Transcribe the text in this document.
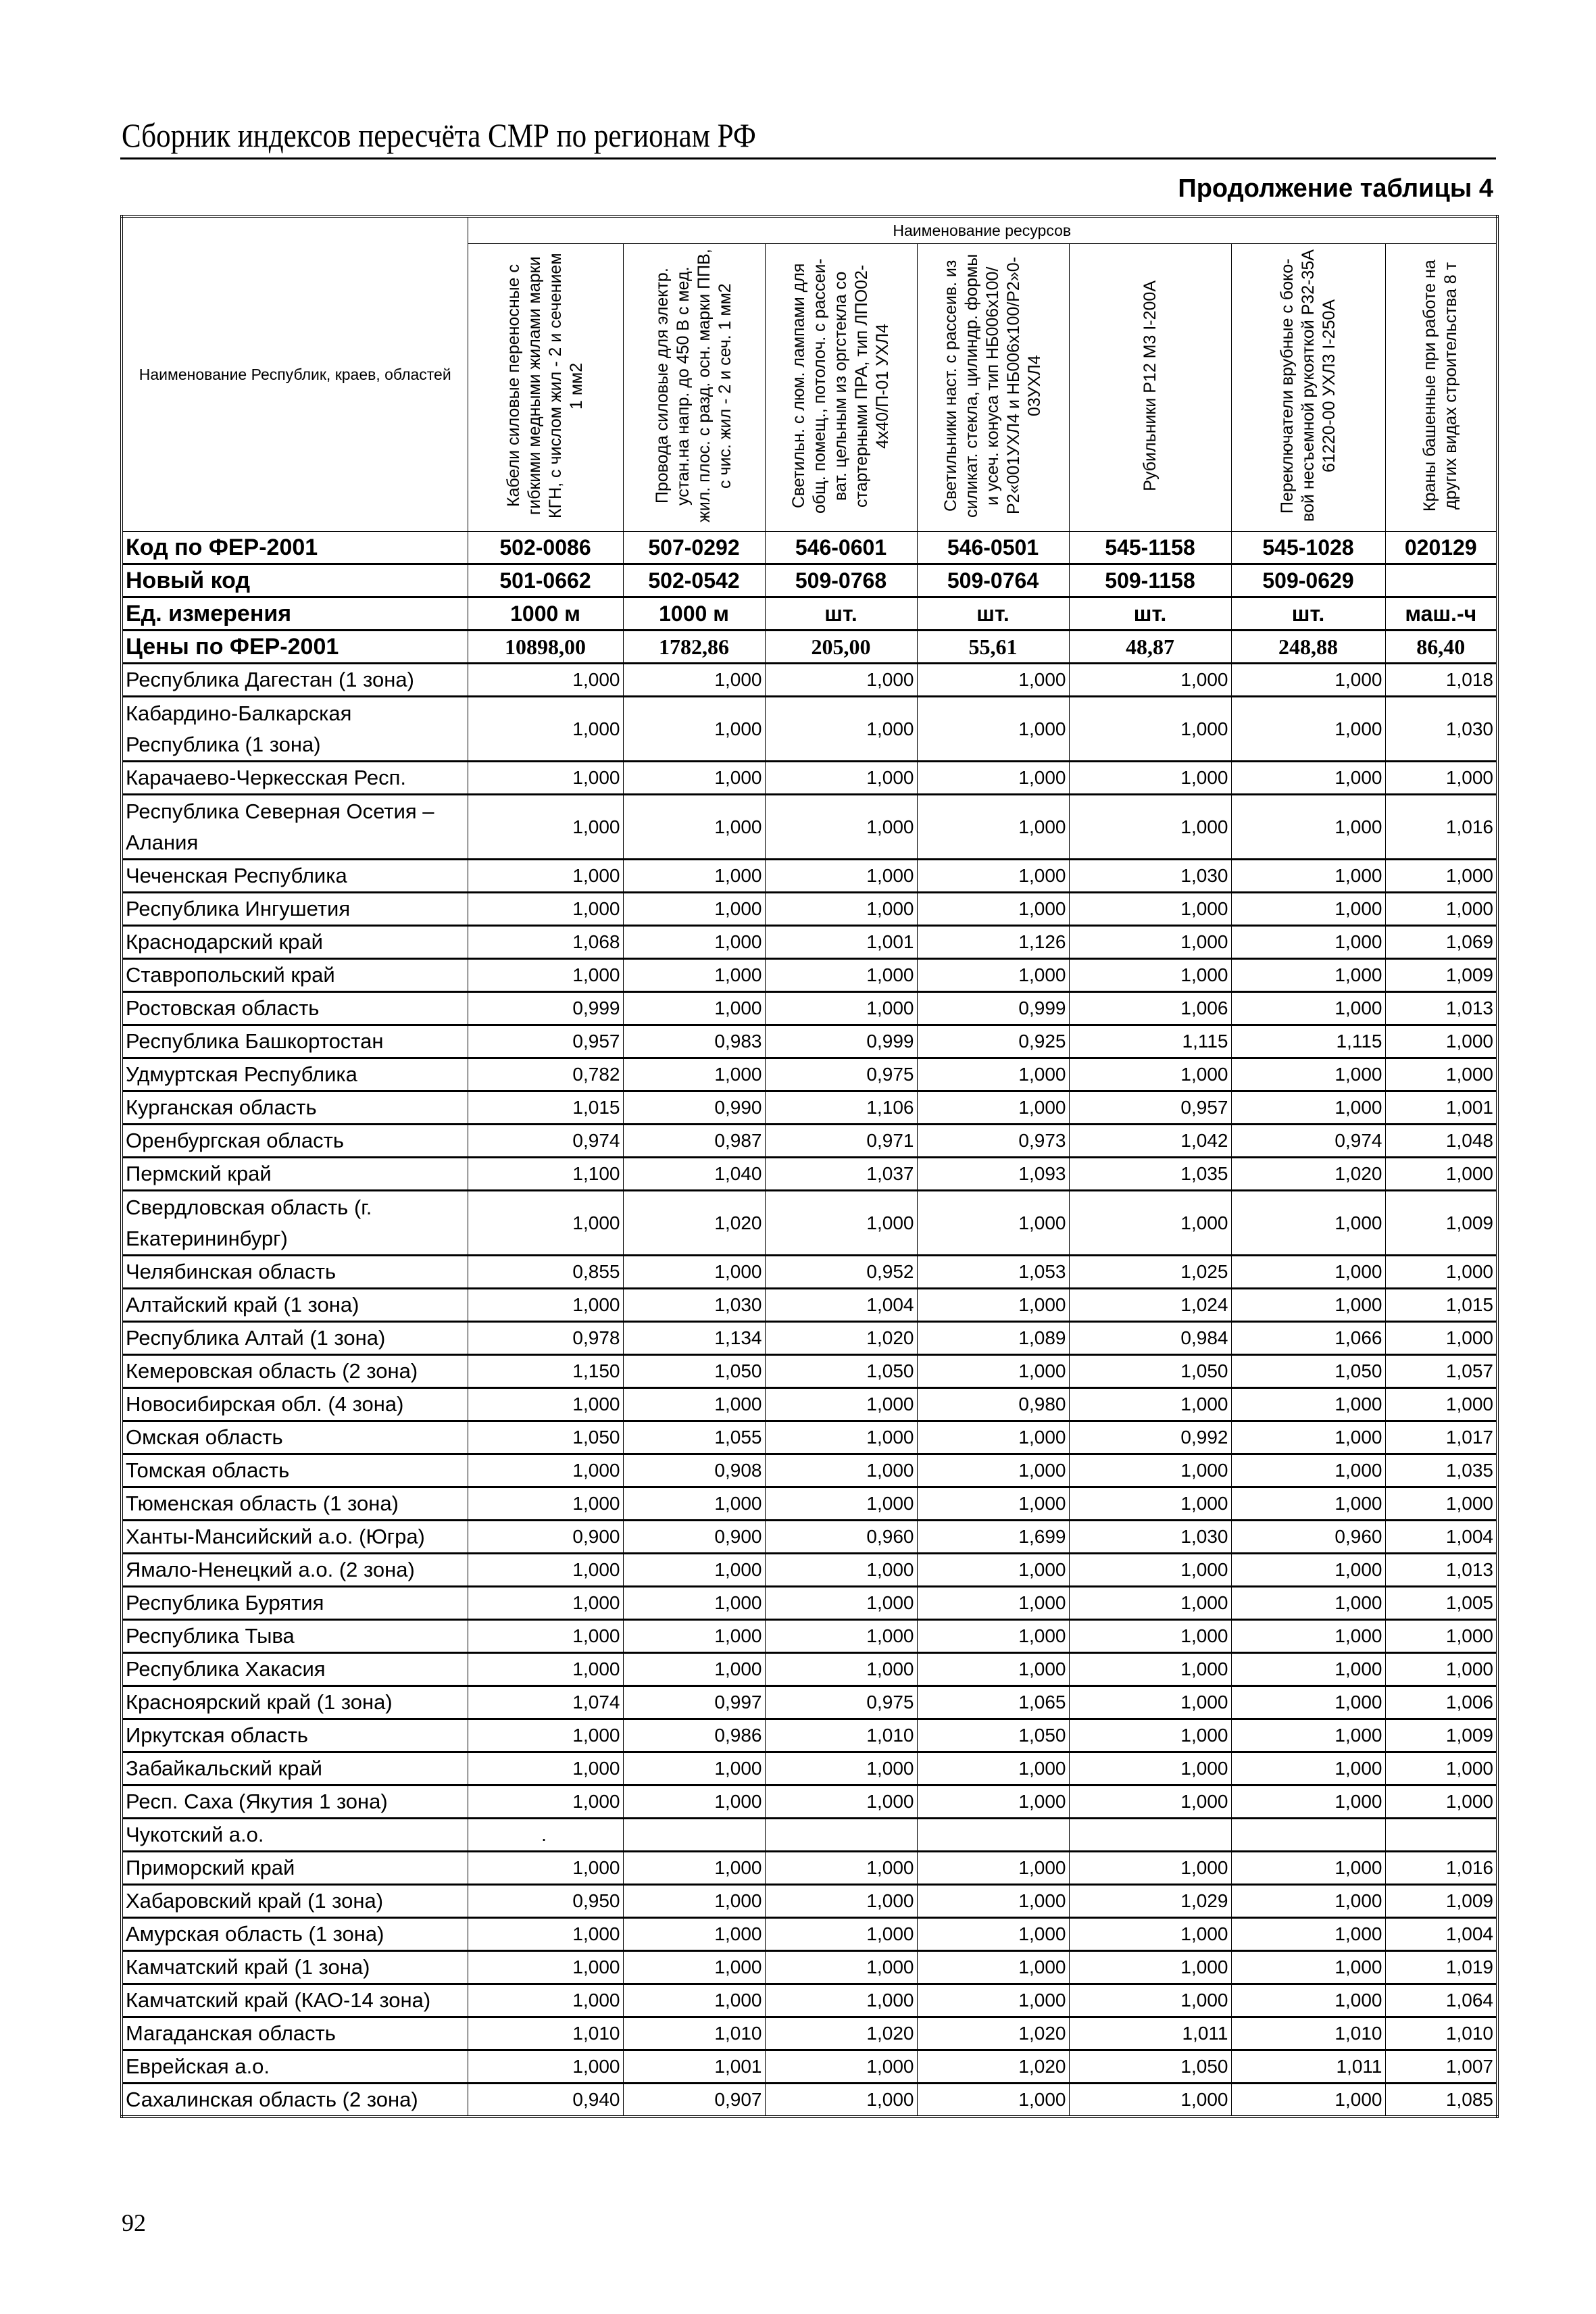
Сборник индексов пересчёта СМР по регионам РФ
Продолжение таблицы 4
Наименование Республик, краев, областей	Наименование ресурсов						
	Кабели силовые переносные с гибкими медными жилами марки КГН, с числом жил - 2 и сечением 1 мм2	Провода силовые для электр. устан.на напр. до 450 В с мед. жил. плос. с разд. осн. марки ППВ, с чис. жил - 2 и сеч. 1 мм2	Светильн. с люм. лампами для общ. помещ., потолоч. с рассеи-ват. цельным из оргстекла со стартерными ПРА, тип ЛПО02-4х40/П-01 УХЛ4	Светильники наст. с рассеив. из силикат. стекла, цилиндр. формы и усеч. конуса тип НБ006х100/Р2«001УХЛ4 и НБ006х100/Р2»0-03УХЛ4	Рубильники Р12 М3 I-200А	Переключатели врубные с боко-вой несъемной рукояткой Р32-35А 61220-00 УХЛ3 I-250А	Краны башенные при работе на других видах строительства 8 т
Код по ФЕР-2001	502-0086	507-0292	546-0601	546-0501	545-1158	545-1028	020129
Новый код	501-0662	502-0542	509-0768	509-0764	509-1158	509-0629	
Ед. измерения	1000 м	1000 м	шт.	шт.	шт.	шт.	маш.-ч
Цены по ФЕР-2001	10898,00	1782,86	205,00	55,61	48,87	248,88	86,40
Республика Дагестан (1 зона)	1,000	1,000	1,000	1,000	1,000	1,000	1,018
Кабардино-Балкарская Республика (1 зона)	1,000	1,000	1,000	1,000	1,000	1,000	1,030
Карачаево-Черкесская Респ.	1,000	1,000	1,000	1,000	1,000	1,000	1,000
Республика Северная Осетия – Алания	1,000	1,000	1,000	1,000	1,000	1,000	1,016
Чеченская Республика	1,000	1,000	1,000	1,000	1,030	1,000	1,000
Республика Ингушетия	1,000	1,000	1,000	1,000	1,000	1,000	1,000
Краснодарский край	1,068	1,000	1,001	1,126	1,000	1,000	1,069
Ставропольский край	1,000	1,000	1,000	1,000	1,000	1,000	1,009
Ростовская область	0,999	1,000	1,000	0,999	1,006	1,000	1,013
Республика Башкортостан	0,957	0,983	0,999	0,925	1,115	1,115	1,000
Удмуртская Республика	0,782	1,000	0,975	1,000	1,000	1,000	1,000
Курганская область	1,015	0,990	1,106	1,000	0,957	1,000	1,001
Оренбургская область	0,974	0,987	0,971	0,973	1,042	0,974	1,048
Пермский край	1,100	1,040	1,037	1,093	1,035	1,020	1,000
Свердловская область (г. Екатерининбург)	1,000	1,020	1,000	1,000	1,000	1,000	1,009
Челябинская область	0,855	1,000	0,952	1,053	1,025	1,000	1,000
Алтайский край (1 зона)	1,000	1,030	1,004	1,000	1,024	1,000	1,015
Республика Алтай (1 зона)	0,978	1,134	1,020	1,089	0,984	1,066	1,000
Кемеровская область (2 зона)	1,150	1,050	1,050	1,000	1,050	1,050	1,057
Новосибирская обл. (4 зона)	1,000	1,000	1,000	0,980	1,000	1,000	1,000
Омская область	1,050	1,055	1,000	1,000	0,992	1,000	1,017
Томская область	1,000	0,908	1,000	1,000	1,000	1,000	1,035
Тюменская область (1 зона)	1,000	1,000	1,000	1,000	1,000	1,000	1,000
Ханты-Мансийский а.о. (Югра)	0,900	0,900	0,960	1,699	1,030	0,960	1,004
Ямало-Ненецкий а.о. (2 зона)	1,000	1,000	1,000	1,000	1,000	1,000	1,013
Республика Бурятия	1,000	1,000	1,000	1,000	1,000	1,000	1,005
Республика Тыва	1,000	1,000	1,000	1,000	1,000	1,000	1,000
Республика Хакасия	1,000	1,000	1,000	1,000	1,000	1,000	1,000
Красноярский край (1 зона)	1,074	0,997	0,975	1,065	1,000	1,000	1,006
Иркутская область	1,000	0,986	1,010	1,050	1,000	1,000	1,009
Забайкальский край	1,000	1,000	1,000	1,000	1,000	1,000	1,000
Респ. Саха (Якутия 1 зона)	1,000	1,000	1,000	1,000	1,000	1,000	1,000
Чукотский а.о.	.						
Приморский край	1,000	1,000	1,000	1,000	1,000	1,000	1,016
Хабаровский край (1 зона)	0,950	1,000	1,000	1,000	1,029	1,000	1,009
Амурская область (1 зона)	1,000	1,000	1,000	1,000	1,000	1,000	1,004
Камчатский край (1 зона)	1,000	1,000	1,000	1,000	1,000	1,000	1,019
Камчатский край (КАО-14 зона)	1,000	1,000	1,000	1,000	1,000	1,000	1,064
Магаданская область	1,010	1,010	1,020	1,020	1,011	1,010	1,010
Еврейская а.о.	1,000	1,001	1,000	1,020	1,050	1,011	1,007
Сахалинская область (2 зона)	0,940	0,907	1,000	1,000	1,000	1,000	1,085
92
